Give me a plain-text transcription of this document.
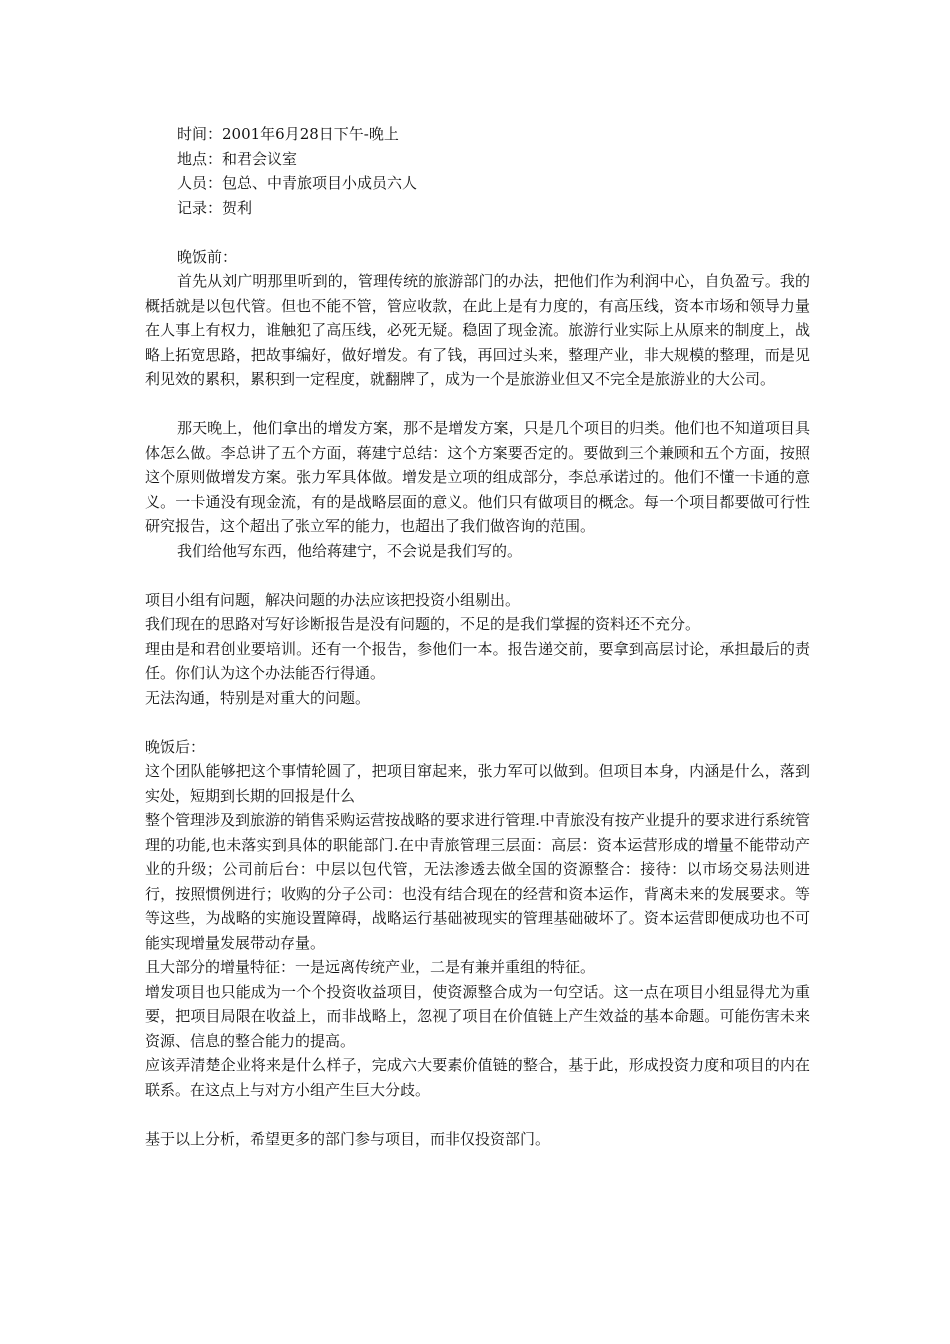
时间：2001年6月28日下午-晚上

地点：和君会议室

人员：包总、中青旅项目小成员六人

记录：贺利

晚饭前：

首先从刘广明那里听到的，管理传统的旅游部门的办法，把他们作为利润中心，自负盈亏。我的概括就是以包代管。但也不能不管，管应收款，在此上是有力度的，有高压线，资本市场和领导力量在人事上有权力，谁触犯了高压线，必死无疑。稳固了现金流。旅游行业实际上从原来的制度上，战略上拓宽思路，把故事编好，做好增发。有了钱，再回过头来，整理产业，非大规模的整理，而是见利见效的累积，累积到一定程度，就翻牌了，成为一个是旅游业但又不完全是旅游业的大公司。

那天晚上，他们拿出的增发方案，那不是增发方案，只是几个项目的归类。他们也不知道项目具体怎么做。李总讲了五个方面，蒋建宁总结：这个方案要否定的。要做到三个兼顾和五个方面，按照这个原则做增发方案。张力军具体做。增发是立项的组成部分，李总承诺过的。他们不懂一卡通的意义。一卡通没有现金流，有的是战略层面的意义。他们只有做项目的概念。每一个项目都要做可行性研究报告，这个超出了张立军的能力，也超出了我们做咨询的范围。

我们给他写东西，他给蒋建宁，不会说是我们写的。

项目小组有问题，解决问题的办法应该把投资小组剔出。

我们现在的思路对写好诊断报告是没有问题的，不足的是我们掌握的资料还不充分。

理由是和君创业要培训。还有一个报告，参他们一本。报告递交前，要拿到高层讨论，承担最后的责任。你们认为这个办法能否行得通。

无法沟通，特别是对重大的问题。

晚饭后：

这个团队能够把这个事情轮圆了，把项目窜起来，张力军可以做到。但项目本身，内涵是什么，落到实处，短期到长期的回报是什么

整个管理涉及到旅游的销售采购运营按战略的要求进行管理.中青旅没有按产业提升的要求进行系统管理的功能,也未落实到具体的职能部门.在中青旅管理三层面：高层：资本运营形成的增量不能带动产业的升级；公司前后台：中层以包代管，无法渗透去做全国的资源整合：接待：以市场交易法则进行，按照惯例进行；收购的分子公司：也没有结合现在的经营和资本运作，背离未来的发展要求。等等这些，为战略的实施设置障碍，战略运行基础被现实的管理基础破坏了。资本运营即便成功也不可能实现增量发展带动存量。

且大部分的增量特征：一是远离传统产业，二是有兼并重组的特征。

增发项目也只能成为一个个投资收益项目，使资源整合成为一句空话。这一点在项目小组显得尤为重要，把项目局限在收益上，而非战略上，忽视了项目在价值链上产生效益的基本命题。可能伤害未来资源、信息的整合能力的提高。

应该弄清楚企业将来是什么样子，完成六大要素价值链的整合，基于此，形成投资力度和项目的内在联系。在这点上与对方小组产生巨大分歧。

基于以上分析，希望更多的部门参与项目，而非仅投资部门。
